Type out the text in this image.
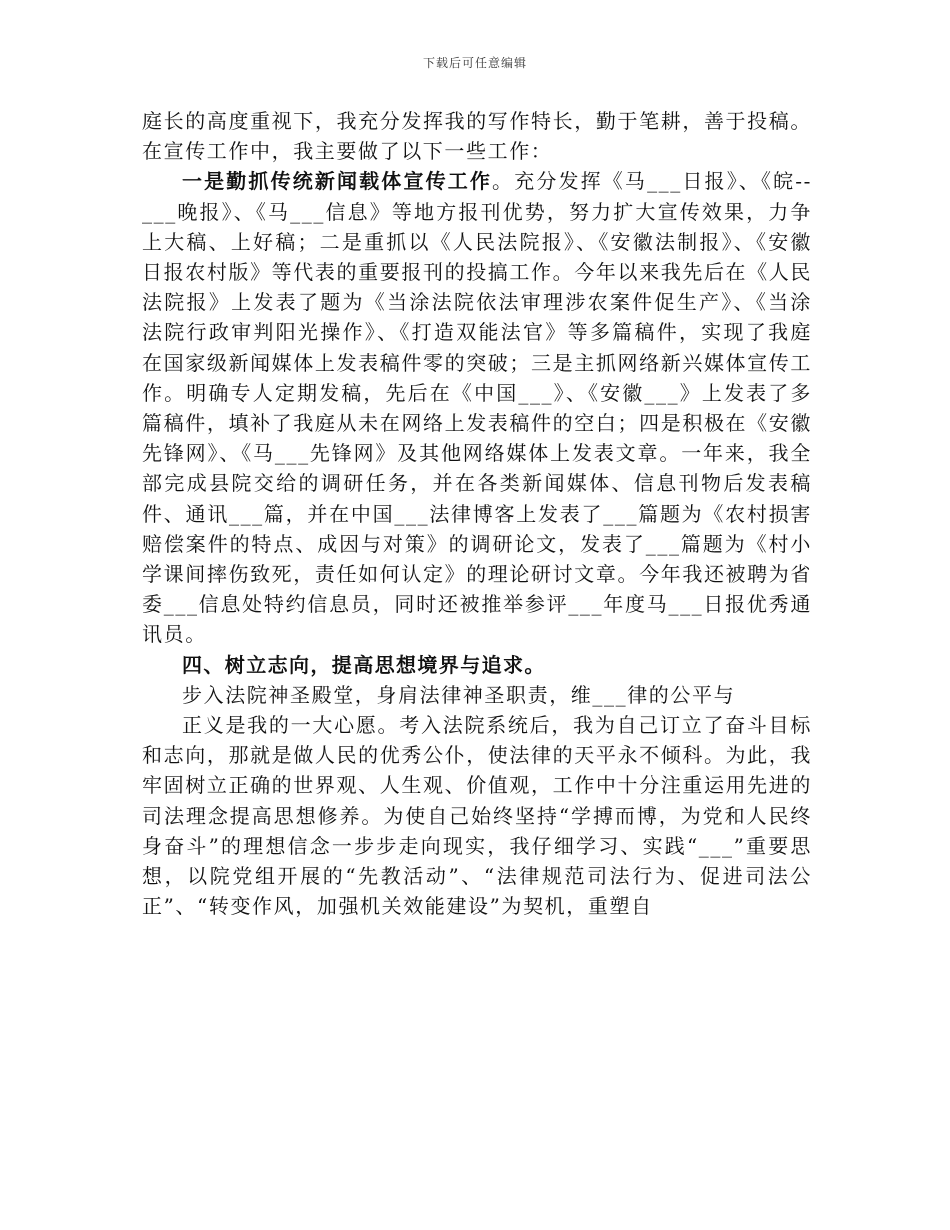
下载后可任意编辑

庭长的高度重视下，我充分发挥我的写作特长，勤于笔耕，善于投稿。在宣传工作中，我主要做了以下一些工作：

一是勤抓传统新闻载体宣传工作。充分发挥《马___日报》、《皖--___晚报》、《马___信息》等地方报刊优势，努力扩大宣传效果，力争上大稿、上好稿；二是重抓以《人民法院报》、《安徽法制报》、《安徽日报农村版》等代表的重要报刊的投搞工作。今年以来我先后在《人民法院报》上发表了题为《当涂法院依法审理涉农案件促生产》、《当涂法院行政审判阳光操作》、《打造双能法官》等多篇稿件，实现了我庭在国家级新闻媒体上发表稿件零的突破；三是主抓网络新兴媒体宣传工作。明确专人定期发稿，先后在《中国___》、《安徽___》上发表了多篇稿件，填补了我庭从未在网络上发表稿件的空白；四是积极在《安徽先锋网》、《马___先锋网》及其他网络媒体上发表文章。一年来，我全部完成县院交给的调研任务，并在各类新闻媒体、信息刊物后发表稿件、通讯___篇，并在中国___法律博客上发表了___篇题为《农村损害赔偿案件的特点、成因与对策》的调研论文，发表了___篇题为《村小学课间摔伤致死，责任如何认定》的理论研讨文章。今年我还被聘为省委___信息处特约信息员，同时还被推举参评___年度马___日报优秀通讯员。

四、树立志向，提高思想境界与追求。

步入法院神圣殿堂，身肩法律神圣职责，维___律的公平与

正义是我的一大心愿。考入法院系统后，我为自己订立了奋斗目标和志向，那就是做人民的优秀公仆，使法律的天平永不倾科。为此，我牢固树立正确的世界观、人生观、价值观，工作中十分注重运用先进的司法理念提高思想修养。为使自己始终坚持“学搏而博，为党和人民终身奋斗”的理想信念一步步走向现实，我仔细学习、实践“___”重要思想，以院党组开展的“先教活动”、“法律规范司法行为、促进司法公正”、“转变作风，加强机关效能建设”为契机，重塑自
